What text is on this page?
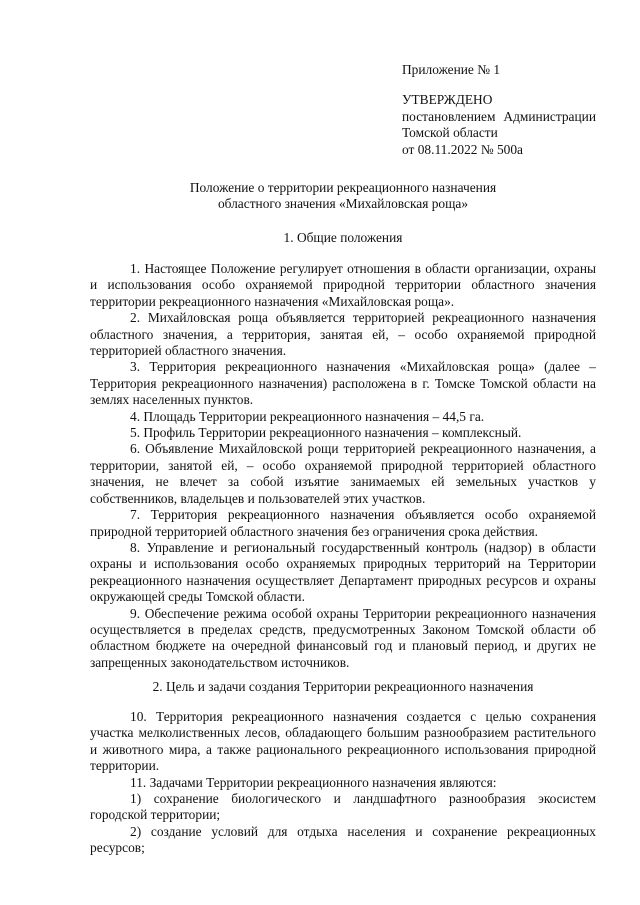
Приложение № 1

УТВЕРЖДЕНО

постановлением Администрации

Томской области

от 08.11.2022 № 500а

Положение о территории рекреационного назначения

областного значения «Михайловская роща»

1. Общие положения

1. Настоящее Положение регулирует отношения в области организации, охраны и использования особо охраняемой природной территории областного значения территории рекреационного назначения «Михайловская роща».

2. Михайловская роща объявляется территорией рекреационного назначения областного значения, а территория, занятая ей, – особо охраняемой природной территорией областного значения.

3. Территория рекреационного назначения «Михайловская роща» (далее – Территория рекреационного назначения) расположена в г. Томске Томской области на землях населенных пунктов.

4. Площадь Территории рекреационного назначения – 44,5 га.

5. Профиль Территории рекреационного назначения – комплексный.

6. Объявление Михайловской рощи территорией рекреационного назначения, а территории, занятой ей, – особо охраняемой природной территорией областного значения, не влечет за собой изъятие занимаемых ей земельных участков у собственников, владельцев и пользователей этих участков.

7. Территория рекреационного назначения объявляется особо охраняемой природной территорией областного значения без ограничения срока действия.

8. Управление и региональный государственный контроль (надзор) в области охраны и использования особо охраняемых природных территорий на Территории рекреационного назначения осуществляет Департамент природных ресурсов и охраны окружающей среды Томской области.

9. Обеспечение режима особой охраны Территории рекреационного назначения осуществляется в пределах средств, предусмотренных Законом Томской области об областном бюджете на очередной финансовый год и плановый период, и других не запрещенных законодательством источников.

2. Цель и задачи создания Территории рекреационного назначения

10. Территория рекреационного назначения создается с целью сохранения участка мелколиственных лесов, обладающего большим разнообразием растительного и животного мира, а также рационального рекреационного использования природной территории.

11. Задачами Территории рекреационного назначения являются:

1) сохранение биологического и ландшафтного разнообразия экосистем городской территории;

2) создание условий для отдыха населения и сохранение рекреационных ресурсов;
